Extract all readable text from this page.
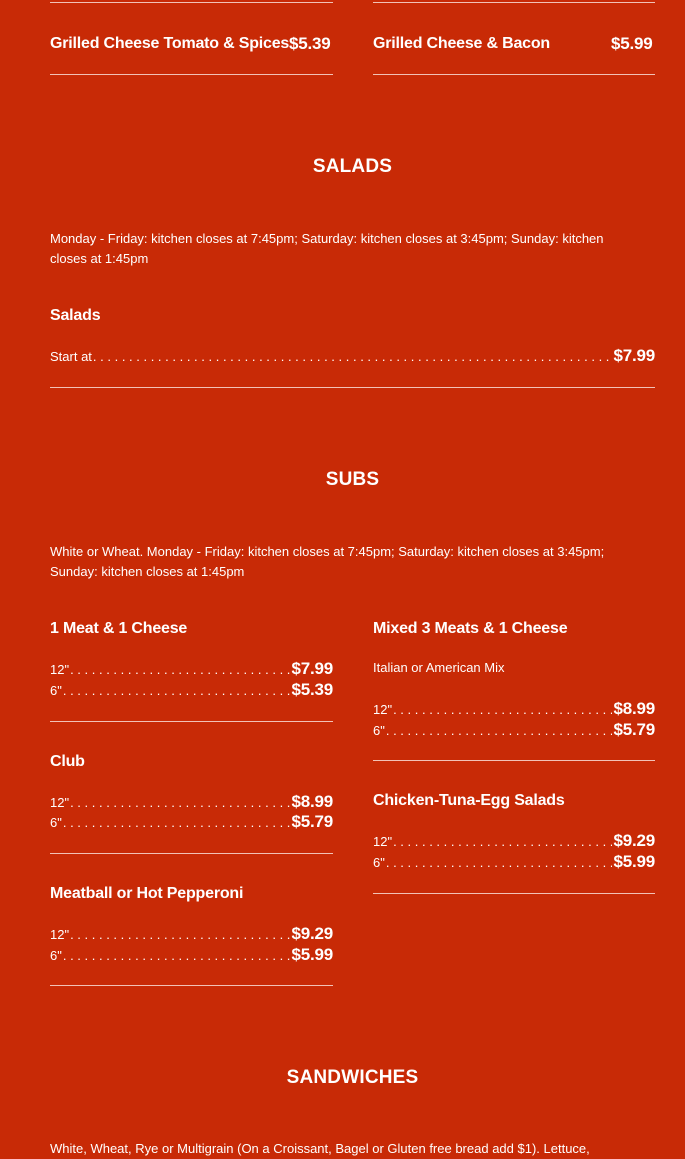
Grilled Cheese Tomato & Spices $5.39	Grilled Cheese & Bacon	$5.99
SALADS
Monday - Friday: kitchen closes at 7:45pm; Saturday: kitchen closes at 3:45pm; Sunday: kitchen closes at 1:45pm
Salads
Start at . . .	$7.99
SUBS
White or Wheat. Monday - Friday: kitchen closes at 7:45pm; Saturday: kitchen closes at 3:45pm; Sunday: kitchen closes at 1:45pm
1 Meat & 1 Cheese
12" . . .	$7.99
6" . . .	$5.39
Club
12" . . .	$8.99
6" . . .	$5.79
Meatball or Hot Pepperoni
12" . . .	$9.29
6" . . .	$5.99
Mixed 3 Meats & 1 Cheese
Italian or American Mix
12" . . .	$8.99
6" . . .	$5.79
Chicken-Tuna-Egg Salads
12" . . .	$9.29
6" . . .	$5.99
SANDWICHES
White, Wheat, Rye or Multigrain (On a Croissant, Bagel or Gluten free bread add $1). Lettuce,
